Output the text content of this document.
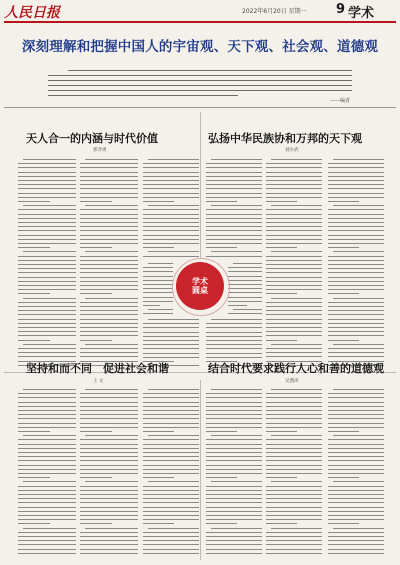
人民日报	2022年6月20日 星期一 9 学术
深刻理解和把握中国人的宇宙观、天下观、社会观、道德观
——编者
天人合一的内涵与时代价值
郭齐勇
弘扬中华民族协和万邦的天下观
刘少武
学术
圆桌
坚持和而不同　促进社会和谐
王 文
结合时代要求践行人心和善的道德观
吴潜涛
